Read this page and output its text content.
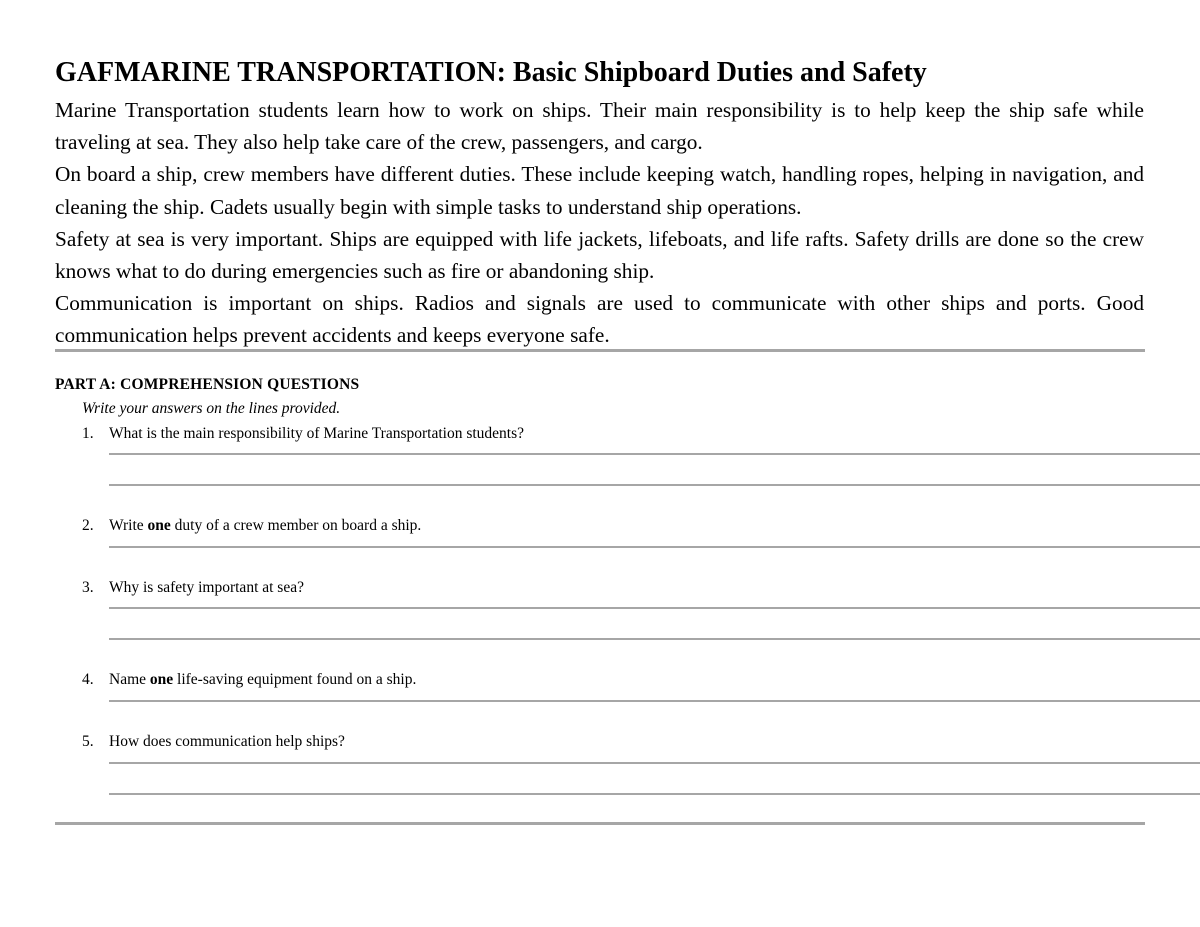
GAFMARINE TRANSPORTATION: Basic Shipboard Duties and Safety

Marine Transportation students learn how to work on ships. Their main responsibility is to help keep the ship safe while traveling at sea. They also help take care of the crew, passengers, and cargo.

On board a ship, crew members have different duties. These include keeping watch, handling ropes, helping in navigation, and cleaning the ship. Cadets usually begin with simple tasks to understand ship operations.

Safety at sea is very important. Ships are equipped with life jackets, lifeboats, and life rafts. Safety drills are done so the crew knows what to do during emergencies such as fire or abandoning ship.

Communication is important on ships. Radios and signals are used to communicate with other ships and ports. Good communication helps prevent accidents and keeps everyone safe.

PART A: COMPREHENSION QUESTIONS
Write your answers on the lines provided.
1. What is the main responsibility of Marine Transportation students?
2. Write one duty of a crew member on board a ship.
3. Why is safety important at sea?
4. Name one life-saving equipment found on a ship.
5. How does communication help ships?
